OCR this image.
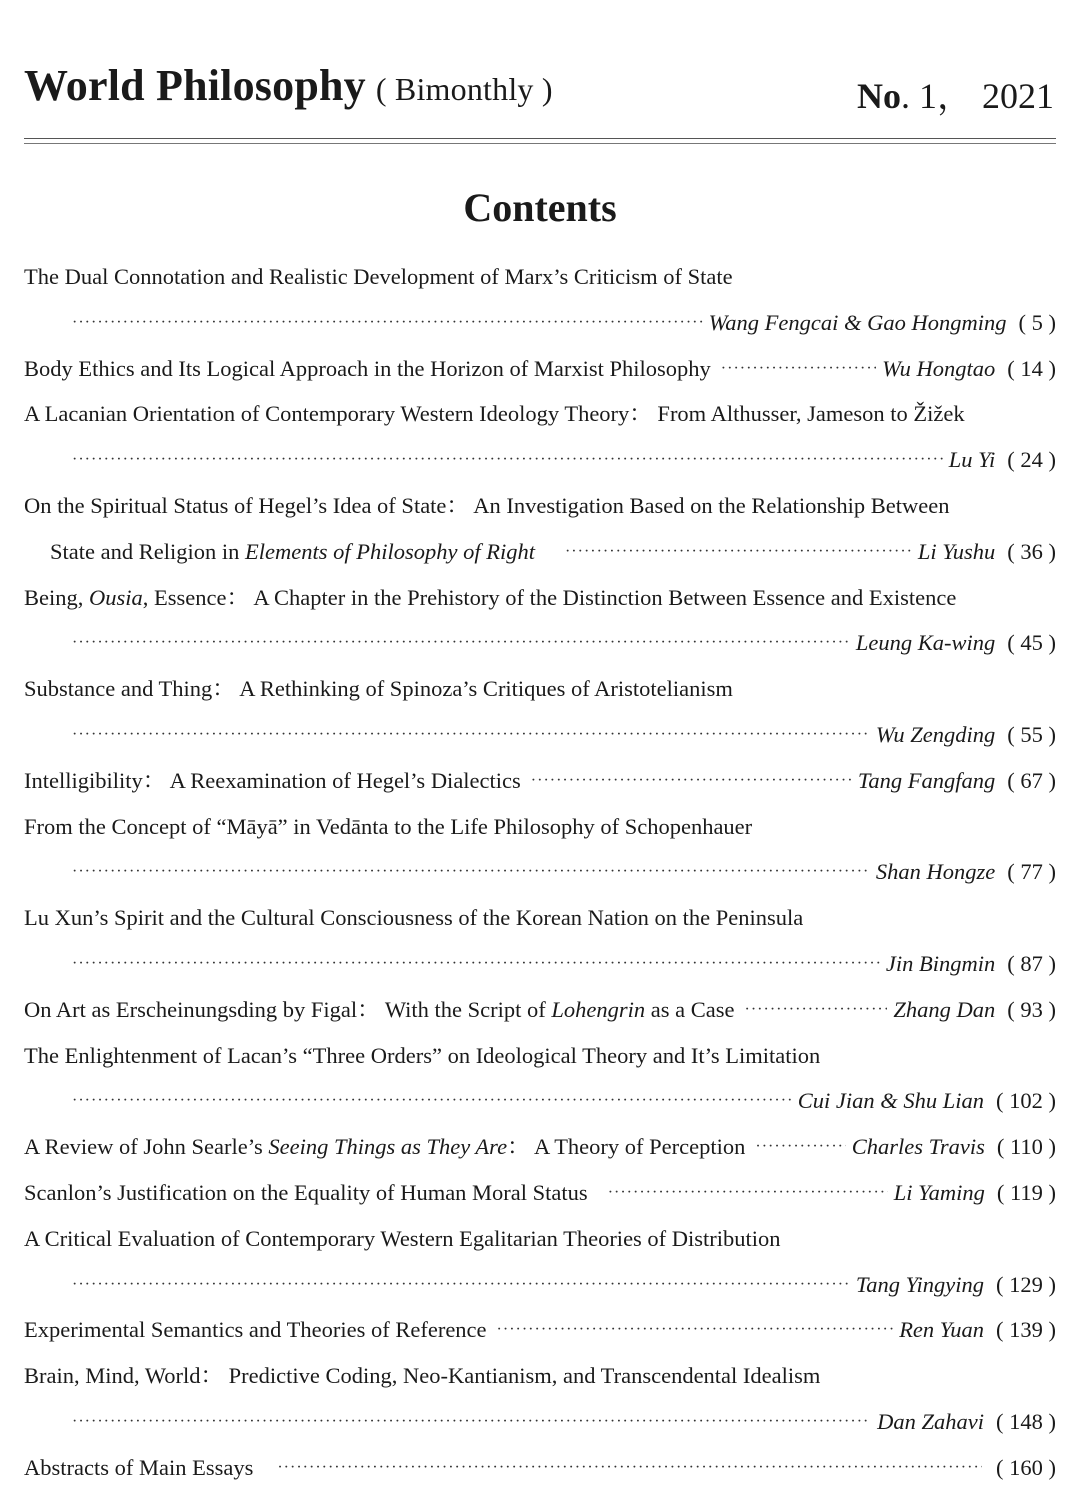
World Philosophy ( Bimonthly )	No. 1， 2021
Contents
The Dual Connotation and Realistic Development of Marx’s Criticism of State
·····
Wang Fengcai & Gao Hongming ( 5 )
Body Ethics and Its Logical Approach in the Horizon of Marxist Philosophy ·····	Wu Hongtao ( 14 )
A Lacanian Orientation of Contemporary Western Ideology Theory： From Althusser, Jameson to Žižek
·····
Lu Yi ( 24 )
On the Spiritual Status of Hegel’s Idea of State： An Investigation Based on the Relationship Between
State and Religion in Elements of Philosophy of Right ·····	Li Yushu ( 36 )
Being, Ousia, Essence： A Chapter in the Prehistory of the Distinction Between Essence and Existence
·····
Leung Ka-wing ( 45 )
Substance and Thing： A Rethinking of Spinoza’s Critiques of Aristotelianism
·····
Wu Zengding ( 55 )
Intelligibility： A Reexamination of Hegel’s Dialectics ·····	Tang Fangfang ( 67 )
From the Concept of “Māyā” in Vedānta to the Life Philosophy of Schopenhauer
·····
Shan Hongze ( 77 )
Lu Xun’s Spirit and the Cultural Consciousness of the Korean Nation on the Peninsula
·····
Jin Bingmin ( 87 )
On Art as Erscheinungsding by Figal： With the Script of Lohengrin as a Case ·····	Zhang Dan ( 93 )
The Enlightenment of Lacan’s “Three Orders” on Ideological Theory and It’s Limitation
·····
Cui Jian & Shu Lian ( 102 )
A Review of John Searle’s Seeing Things as They Are： A Theory of Perception ·····	Charles Travis ( 110 )
Scanlon’s Justification on the Equality of Human Moral Status ·····	Li Yaming ( 119 )
A Critical Evaluation of Contemporary Western Egalitarian Theories of Distribution
·····
Tang Yingying ( 129 )
Experimental Semantics and Theories of Reference ·····	Ren Yuan ( 139 )
Brain, Mind, World： Predictive Coding, Neo-Kantianism, and Transcendental Idealism
·····
Dan Zahavi ( 148 )
Abstracts of Main Essays ·····	( 160 )
